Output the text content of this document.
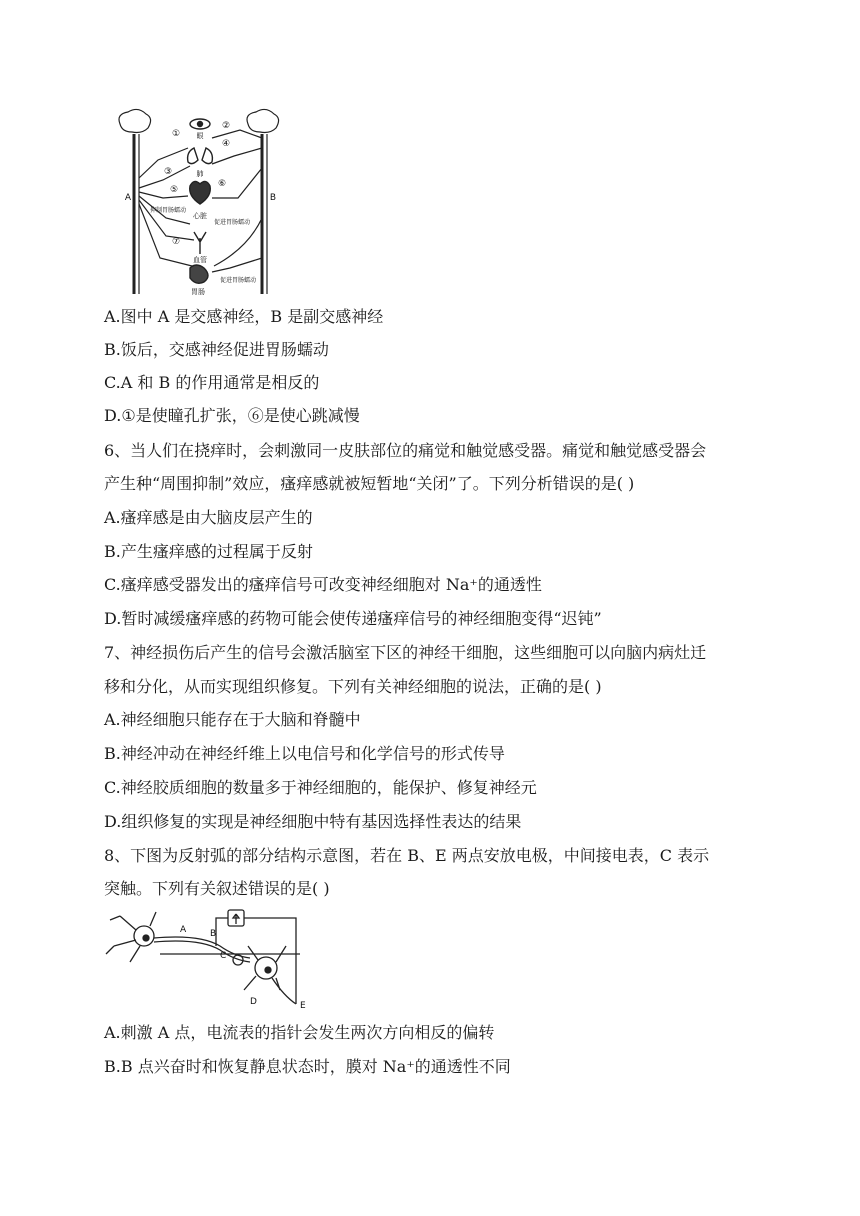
A	B
①
②
③
④
⑤
⑥
⑦
眼
肺
心脏
血管
胃肠
抑制胃肠蠕动
促进胃肠蠕动
促进胃肠蠕动
A.图中 A 是交感神经，B 是副交感神经
B.饭后，交感神经促进胃肠蠕动
C.A 和 B 的作用通常是相反的
D.①是使瞳孔扩张，⑥是使心跳减慢
6、当人们在挠痒时，会刺激同一皮肤部位的痛觉和触觉感受器。痛觉和触觉感受器会
产生种“周围抑制”效应，瘙痒感就被短暂地“关闭”了。下列分析错误的是( )
A.瘙痒感是由大脑皮层产生的
B.产生瘙痒感的过程属于反射
C.瘙痒感受器发出的瘙痒信号可改变神经细胞对 Na⁺的通透性
D.暂时减缓瘙痒感的药物可能会使传递瘙痒信号的神经细胞变得“迟钝”
7、神经损伤后产生的信号会激活脑室下区的神经干细胞，这些细胞可以向脑内病灶迁
移和分化，从而实现组织修复。下列有关神经细胞的说法，正确的是( )
A.神经细胞只能存在于大脑和脊髓中
B.神经冲动在神经纤维上以电信号和化学信号的形式传导
C.神经胶质细胞的数量多于神经细胞的，能保护、修复神经元
D.组织修复的实现是神经细胞中特有基因选择性表达的结果
8、下图为反射弧的部分结构示意图，若在 B、E 两点安放电极，中间接电表，C 表示
突触。下列有关叙述错误的是( )
A	B
C
D	E
A.刺激 A 点，电流表的指针会发生两次方向相反的偏转
B.B 点兴奋时和恢复静息状态时，膜对 Na⁺的通透性不同
